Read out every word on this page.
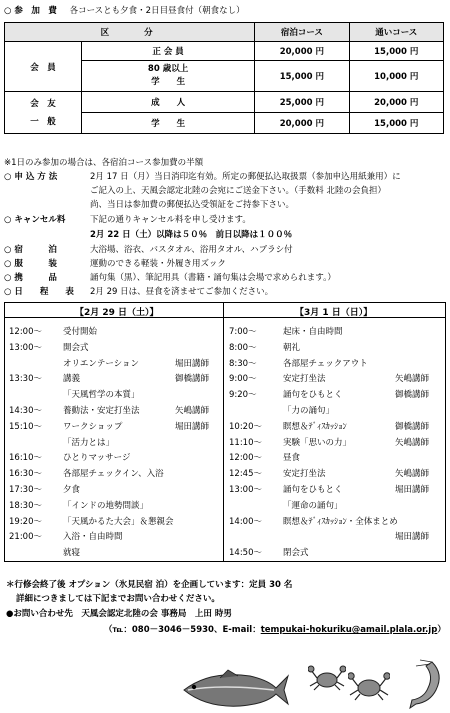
○ 参　加　費 各コースとも夕食・2日目昼食付（朝食なし）
区　　分		宿泊コース	通いコース
会　員	正 会 員	20,000 円	15,000 円
	80 歳以上
学　　生	15,000 円	10,000 円
会　友
一　般	成　　人	25,000 円	20,000 円
	学　　生	20,000 円	15,000 円
※1日のみ参加の場合は、各宿泊コース参加費の半額
○ 申 込 方 法	2月 17 日（月）当日消印迄有効。所定の郵便払込取扱票（参加申込用紙兼用）に
ご記入の上、天風会認定北陸の会宛にご送金下さい。（手数料 北陸の会負担）
尚、当日は参加費の郵便払込受領証をご持参下さい。
○ キャンセル料	下記の通りキャンセル料を申し受けます。
2月 22 日（土）以降は５０％　前日以降は１００％
○ 宿　　　泊	大浴場、浴衣、バスタオル、浴用タオル、ハブラシ付
○ 服　　　装	運動のできる軽装・外履き用ズック
○ 携　　　品	誦句集（黒）、筆記用具（書籍・誦句集は会場で求められます。）
○ 日　　程　　表 2月 29 日は、昼食を済ませてご参加ください。
【2月 29 日（土）】	【3月 1 日（日）】
12:00～ 受付開始
13:00～ 開会式
オリエンテーション	堀田講師
13:30～ 講義	御橋講師
「天風哲学の本質」
14:30～ 養動法・安定打坐法	矢嶋講師
15:10～ ワークショップ	堀田講師
「活力とは」
16:10～ ひとりマッサージ
16:30～ 各部屋チェックイン、入浴
17:30～ 夕食
18:30～ 「インドの地勢問談」
19:20～ 「天風かるた大会」＆懇親会
21:00～ 入浴・自由時間
就寝
7:00～	起床・自由時間
8:00～	朝礼
8:30～	各部屋チェックアウト
9:00～	安定打坐法	矢嶋講師
9:20～	誦句をひもとく	御橋講師
「力の誦句」
10:20～ 瞑想＆ﾃﾞｨｽｶｯｼｮﾝ	御橋講師
11:10～ 実験「思いの力」	矢嶋講師
12:00～ 昼食
12:45～ 安定打坐法	矢嶋講師
13:00～ 誦句をひもとく	堀田講師
「運命の誦句」
14:00～ 瞑想＆ﾃﾞｨｽｶｯｼｮﾝ・全体まとめ
堀田講師
14:50～ 閉会式
＊行修会終了後 オプション（氷見民宿 泊）を企画しています：定員 30 名
詳細につきましては下記までお問い合わせください。
●お問い合わせ先　天風会認定北陸の会 事務局　上田 時男
（℡：080－3046－5930、E-mail：tempukai-hokuriku@amail.plala.or.jp）
